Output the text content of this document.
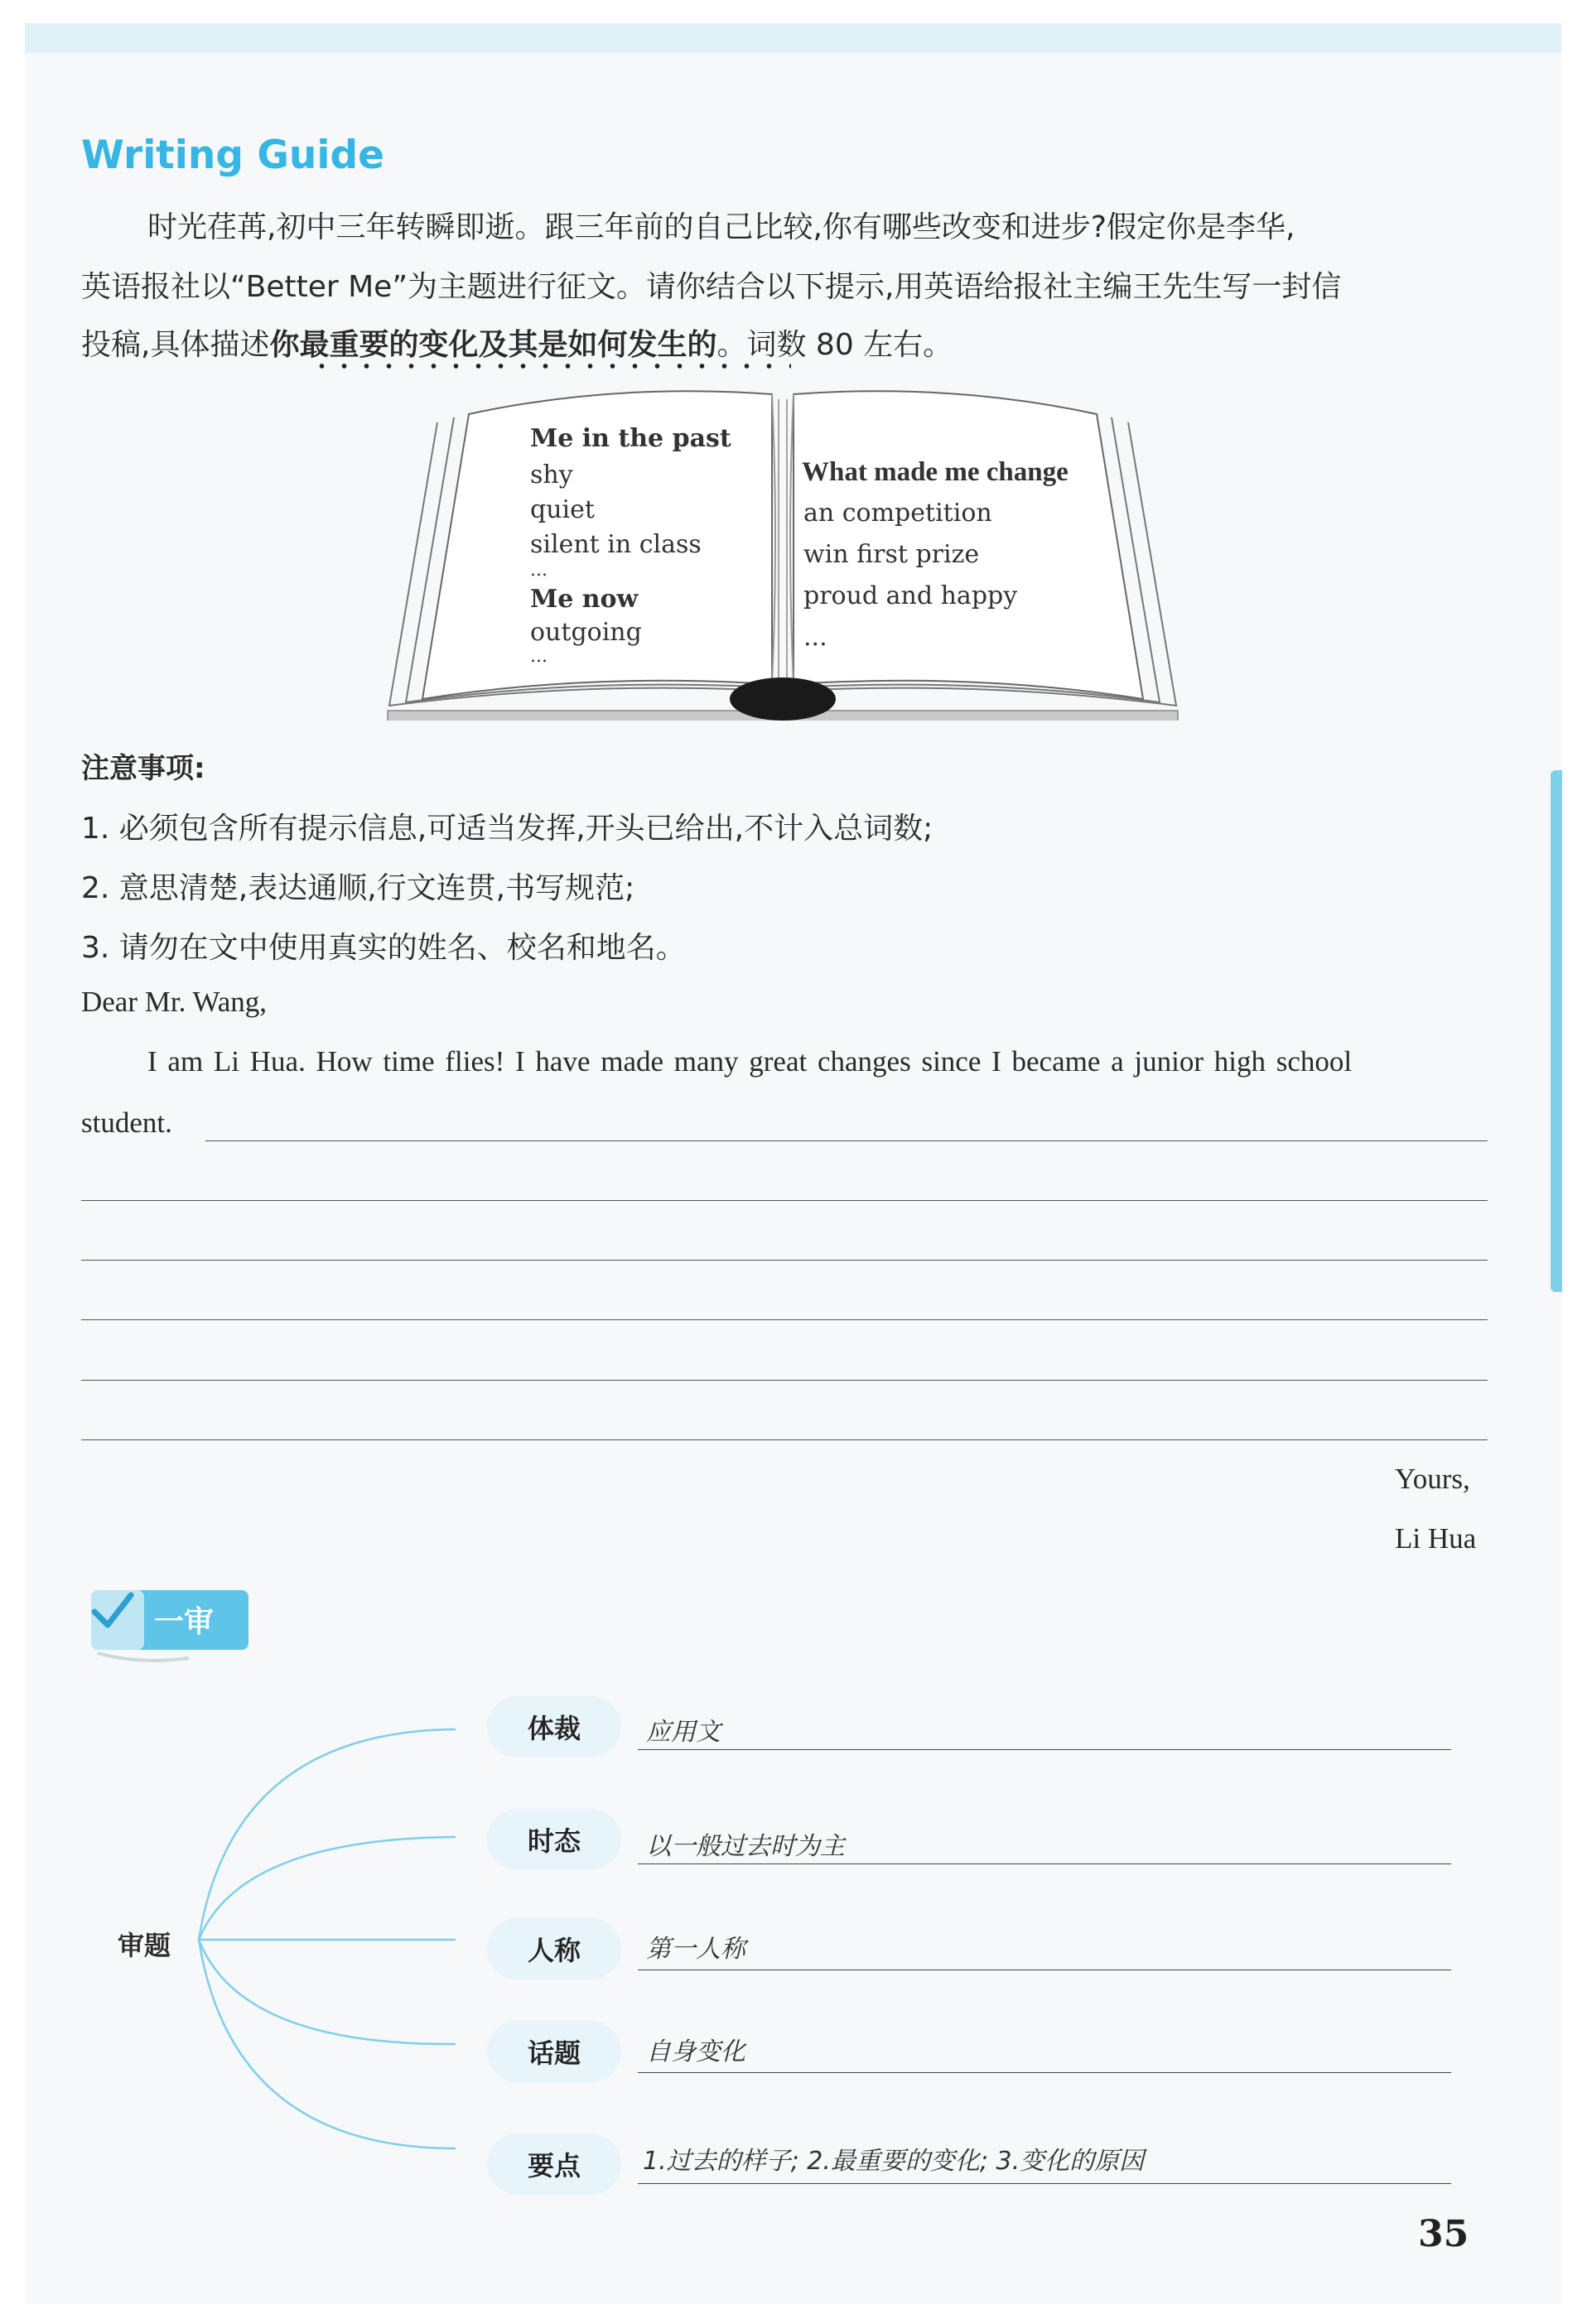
Writing Guide
时光荏苒,初中三年转瞬即逝。跟三年前的自己比较,你有哪些改变和进步?假定你是李华,
英语报社以“Better Me”为主题进行征文。请你结合以下提示,用英语给报社主编王先生写一封信
投稿,具体描述你最重要的变化及其是如何发生的。词数 80 左右。
Me in the past
shy
quiet
silent in class
...
Me now
outgoing
...
What made me change
an competition
win first prize
proud and happy
...
注意事项:
1. 必须包含所有提示信息,可适当发挥,开头已给出,不计入总词数;
2. 意思清楚,表达通顺,行文连贯,书写规范;
3. 请勿在文中使用真实的姓名、校名和地名。
Dear Mr. Wang,
I am Li Hua. How time flies! I have made many great changes since I became a junior high school
student.
Yours,
Li Hua
一审
审题
体裁
时态
人称
话题
要点
应用文
以一般过去时为主
第一人称
自身变化
1.过去的样子; 2.最重要的变化; 3.变化的原因
35
